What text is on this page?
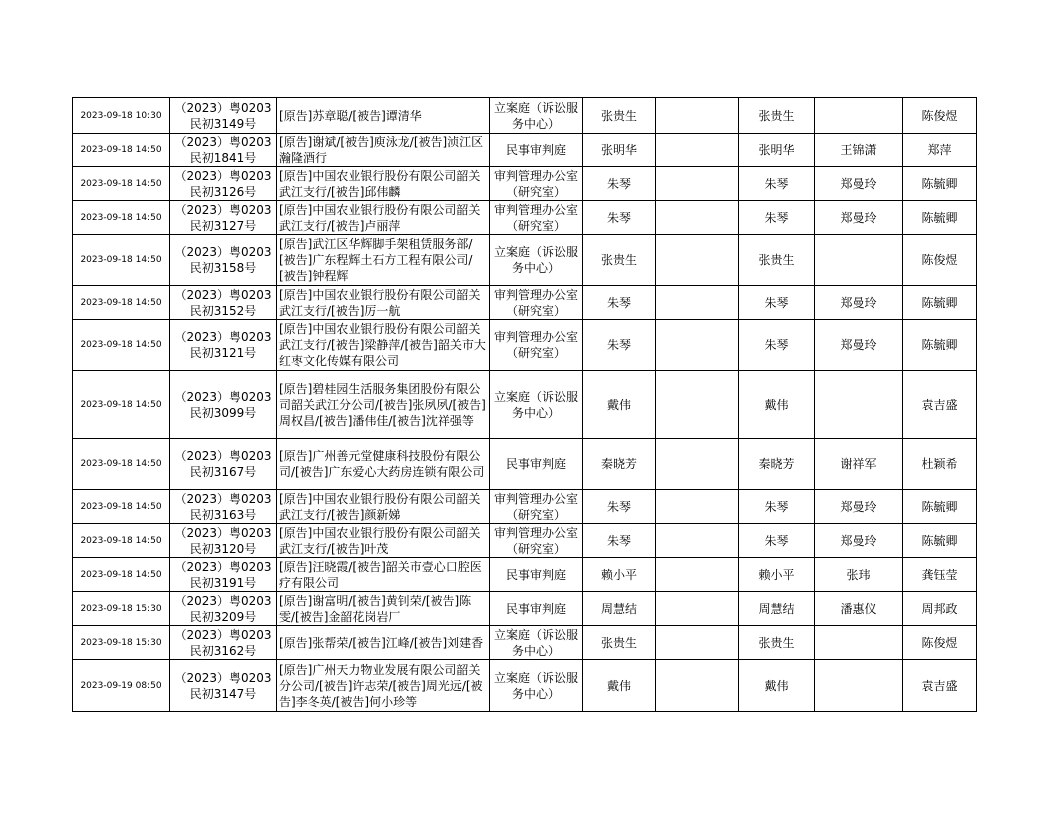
2023-09-18 10:30	（2023）粤0203民初3149号	[原告]苏章聪/[被告]谭清华	立案庭（诉讼服务中心）	张贵生		张贵生		陈俊煜
2023-09-18 14:50	（2023）粤0203民初1841号	[原告]谢斌/[被告]庾泳龙/[被告]浈江区瀚隆酒行	民事审判庭	张明华		张明华	王锦潇	郑萍
2023-09-18 14:50	（2023）粤0203民初3126号	[原告]中国农业银行股份有限公司韶关武江支行/[被告]邱伟麟	审判管理办公室（研究室）	朱琴		朱琴	郑曼玲	陈毓卿
2023-09-18 14:50	（2023）粤0203民初3127号	[原告]中国农业银行股份有限公司韶关武江支行/[被告]卢丽萍	审判管理办公室（研究室）	朱琴		朱琴	郑曼玲	陈毓卿
2023-09-18 14:50	（2023）粤0203民初3158号	[原告]武江区华辉脚手架租赁服务部/[被告]广东程辉土石方工程有限公司/[被告]钟程辉	立案庭（诉讼服务中心）	张贵生		张贵生		陈俊煜
2023-09-18 14:50	（2023）粤0203民初3152号	[原告]中国农业银行股份有限公司韶关武江支行/[被告]厉一航	审判管理办公室（研究室）	朱琴		朱琴	郑曼玲	陈毓卿
2023-09-18 14:50	（2023）粤0203民初3121号	[原告]中国农业银行股份有限公司韶关武江支行/[被告]梁静萍/[被告]韶关市大红枣文化传媒有限公司	审判管理办公室（研究室）	朱琴		朱琴	郑曼玲	陈毓卿
2023-09-18 14:50	（2023）粤0203民初3099号	[原告]碧桂园生活服务集团股份有限公司韶关武江分公司/[被告]张夙夙/[被告]周权昌/[被告]潘伟佳/[被告]沈祥强等	立案庭（诉讼服务中心）	戴伟		戴伟		袁吉盛
2023-09-18 14:50	（2023）粤0203民初3167号	[原告]广州善元堂健康科技股份有限公司/[被告]广东爱心大药房连锁有限公司	民事审判庭	秦晓芳		秦晓芳	谢祥军	杜颖希
2023-09-18 14:50	（2023）粤0203民初3163号	[原告]中国农业银行股份有限公司韶关武江支行/[被告]颜新娣	审判管理办公室（研究室）	朱琴		朱琴	郑曼玲	陈毓卿
2023-09-18 14:50	（2023）粤0203民初3120号	[原告]中国农业银行股份有限公司韶关武江支行/[被告]叶茂	审判管理办公室（研究室）	朱琴		朱琴	郑曼玲	陈毓卿
2023-09-18 14:50	（2023）粤0203民初3191号	[原告]汪晓霞/[被告]韶关市壹心口腔医疗有限公司	民事审判庭	赖小平		赖小平	张玮	龚钰莹
2023-09-18 15:30	（2023）粤0203民初3209号	[原告]谢富明/[被告]黄钊荣/[被告]陈雯/[被告]金韶花岗岩厂	民事审判庭	周慧结		周慧结	潘惠仪	周邦政
2023-09-18 15:30	（2023）粤0203民初3162号	[原告]张帮荣/[被告]江峰/[被告]刘建香	立案庭（诉讼服务中心）	张贵生		张贵生		陈俊煜
2023-09-19 08:50	（2023）粤0203民初3147号	[原告]广州天力物业发展有限公司韶关分公司/[被告]许志荣/[被告]周光远/[被告]李冬英/[被告]何小珍等	立案庭（诉讼服务中心）	戴伟		戴伟		袁吉盛
